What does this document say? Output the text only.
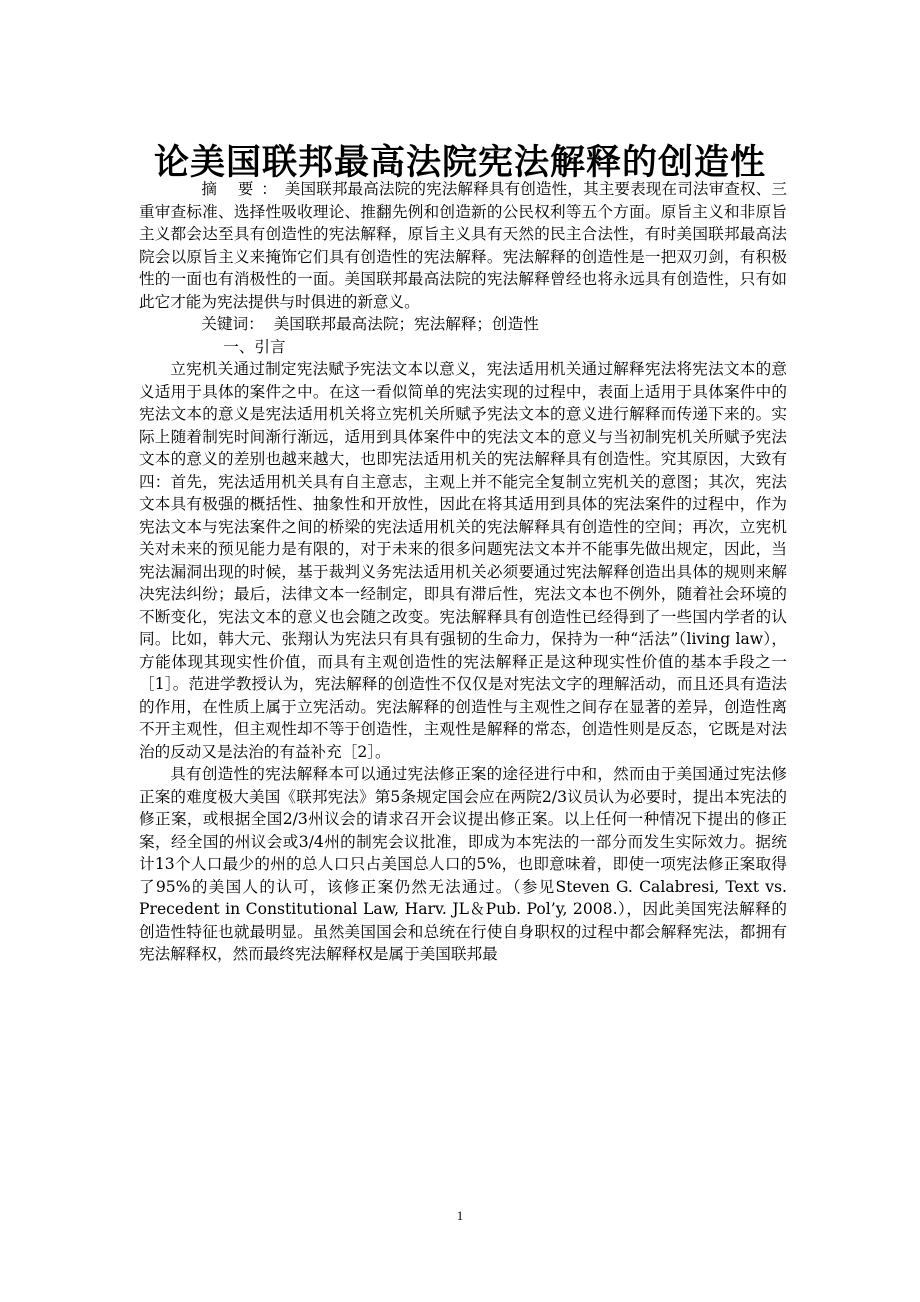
论美国联邦最高法院宪法解释的创造性

摘 要：美国联邦最高法院的宪法解释具有创造性，其主要表现在司法审查权、三重审查标准、选择性吸收理论、推翻先例和创造新的公民权利等五个方面。原旨主义和非原旨主义都会达至具有创造性的宪法解释，原旨主义具有天然的民主合法性，有时美国联邦最高法院会以原旨主义来掩饰它们具有创造性的宪法解释。宪法解释的创造性是一把双刃剑，有积极性的一面也有消极性的一面。美国联邦最高法院的宪法解释曾经也将永远具有创造性，只有如此它才能为宪法提供与时俱进的新意义。

关键词： 美国联邦最高法院；宪法解释；创造性

一、引言

立宪机关通过制定宪法赋予宪法文本以意义，宪法适用机关通过解释宪法将宪法文本的意义适用于具体的案件之中。在这一看似简单的宪法实现的过程中，表面上适用于具体案件中的宪法文本的意义是宪法适用机关将立宪机关所赋予宪法文本的意义进行解释而传递下来的。实际上随着制宪时间渐行渐远，适用到具体案件中的宪法文本的意义与当初制宪机关所赋予宪法文本的意义的差别也越来越大，也即宪法适用机关的宪法解释具有创造性。究其原因，大致有四：首先，宪法适用机关具有自主意志，主观上并不能完全复制立宪机关的意图；其次，宪法文本具有极强的概括性、抽象性和开放性，因此在将其适用到具体的宪法案件的过程中，作为宪法文本与宪法案件之间的桥梁的宪法适用机关的宪法解释具有创造性的空间；再次，立宪机关对未来的预见能力是有限的，对于未来的很多问题宪法文本并不能事先做出规定，因此，当宪法漏洞出现的时候，基于裁判义务宪法适用机关必须要通过宪法解释创造出具体的规则来解决宪法纠纷；最后，法律文本一经制定，即具有滞后性，宪法文本也不例外，随着社会环境的不断变化，宪法文本的意义也会随之改变。宪法解释具有创造性已经得到了一些国内学者的认同。比如，韩大元、张翔认为宪法只有具有强韧的生命力，保持为一种“活法”（living law），方能体现其现实性价值，而具有主观创造性的宪法解释正是这种现实性价值的基本手段之一［1］。范进学教授认为，宪法解释的创造性不仅仅是对宪法文字的理解活动，而且还具有造法的作用，在性质上属于立宪活动。宪法解释的创造性与主观性之间存在显著的差异，创造性离不开主观性，但主观性却不等于创造性，主观性是解释的常态，创造性则是反态，它既是对法治的反动又是法治的有益补充［2］。

具有创造性的宪法解释本可以通过宪法修正案的途径进行中和，然而由于美国通过宪法修正案的难度极大美国《联邦宪法》第5条规定国会应在两院2/3议员认为必要时，提出本宪法的修正案，或根据全国2/3州议会的请求召开会议提出修正案。以上任何一种情况下提出的修正案，经全国的州议会或3/4州的制宪会议批准，即成为本宪法的一部分而发生实际效力。据统计13个人口最少的州的总人口只占美国总人口的5%，也即意味着，即使一项宪法修正案取得了95%的美国人的认可，该修正案仍然无法通过。（参见Steven G. Calabresi, Text vs. Precedent in Constitutional Law, Harv. JL＆Pub. Pol’y, 2008.），因此美国宪法解释的创造性特征也就最明显。虽然美国国会和总统在行使自身职权的过程中都会解释宪法，都拥有宪法解释权，然而最终宪法解释权是属于美国联邦最

1
